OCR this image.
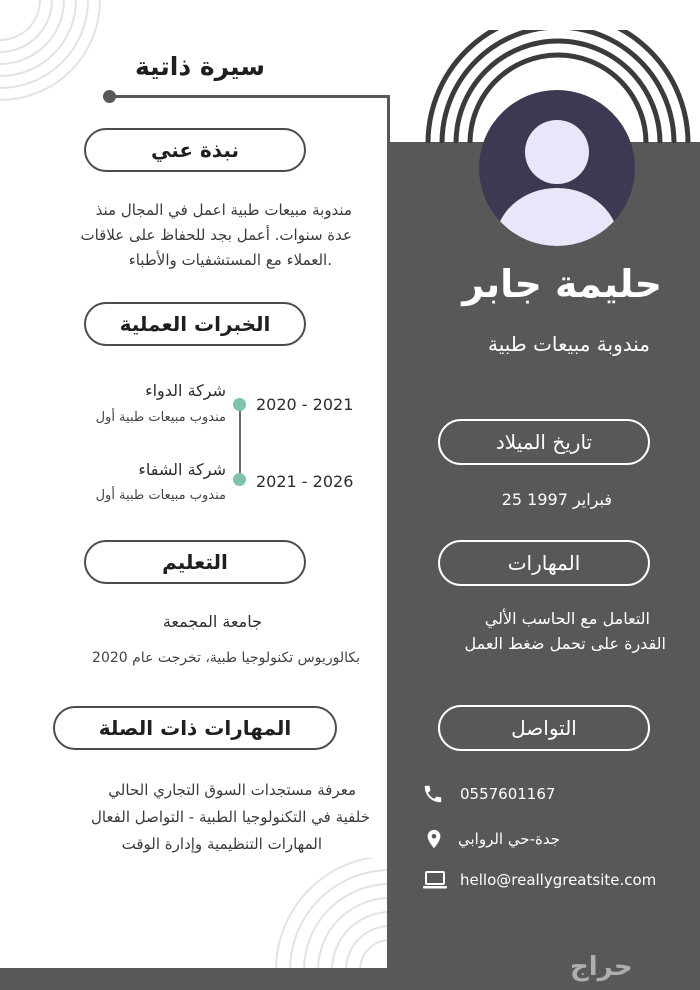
سيرة ذاتية
حليمة جابر
مندوبة مبيعات طبية
نبذة عني
مندوبة مبيعات طبية اعمل في المجال منذ
عدة سنوات. أعمل بجد للحفاظ على علاقات
العملاء مع المستشفيات والأطباء.
الخبرات العملية
2020 - 2021
شركة الدواء
مندوب مبيعات طبية أول
2021 - 2026
شركة الشفاء
مندوب مبيعات طبية أول
التعليم
جامعة المجمعة
بكالوريوس تكنولوجيا طبية، تخرجت عام 2020
المهارات ذات الصلة
معرفة مستجدات السوق التجاري الحالي
خلفية في التكنولوجيا الطبية - التواصل الفعال
المهارات التنظيمية وإدارة الوقت
تاريخ الميلاد
25 فبراير 1997
المهارات
التعامل مع الحاسب الألي
القدرة على تحمل ضغط العمل
التواصل
0557601167
جدة-حي الروابي
hello@reallygreatsite.com
حراج
